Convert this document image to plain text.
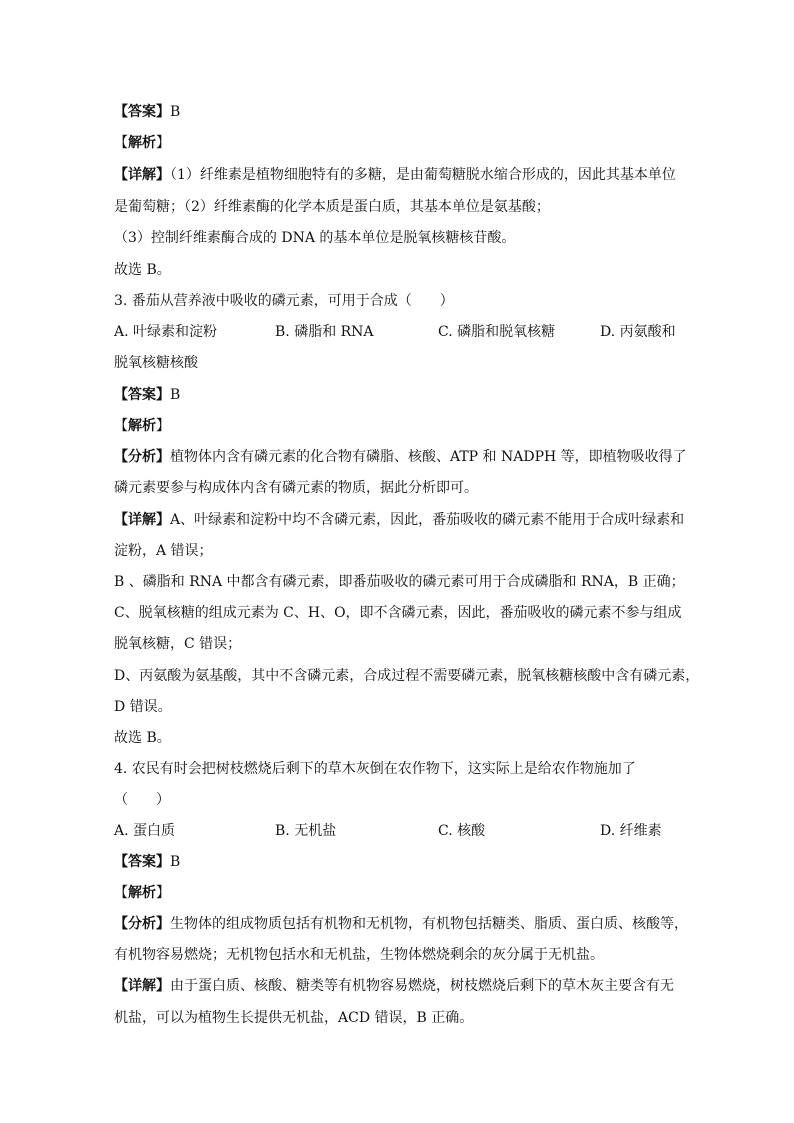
【答案】B
【解析】
【详解】（1）纤维素是植物细胞特有的多糖，是由葡萄糖脱水缩合形成的，因此其基本单位
是葡萄糖；（2）纤维素酶的化学本质是蛋白质，其基本单位是氨基酸；
（3）控制纤维素酶合成的 DNA 的基本单位是脱氧核糖核苷酸。
故选 B。
3. 番茄从营养液中吸收的磷元素，可用于合成（　　）
A. 叶绿素和淀粉	B. 磷脂和 RNA	C. 磷脂和脱氧核糖	D. 丙氨酸和
脱氧核糖核酸
【答案】B
【解析】
【分析】植物体内含有磷元素的化合物有磷脂、核酸、ATP 和 NADPH 等，即植物吸收得了
磷元素要参与构成体内含有磷元素的物质，据此分析即可。
【详解】A、叶绿素和淀粉中均不含磷元素，因此，番茄吸收的磷元素不能用于合成叶绿素和
淀粉，A 错误；
B 、磷脂和 RNA 中都含有磷元素，即番茄吸收的磷元素可用于合成磷脂和 RNA，B 正确；
C、脱氧核糖的组成元素为 C、H、O，即不含磷元素，因此，番茄吸收的磷元素不参与组成
脱氧核糖，C 错误；
D、丙氨酸为氨基酸，其中不含磷元素，合成过程不需要磷元素，脱氧核糖核酸中含有磷元素，
D 错误。
故选 B。
4. 农民有时会把树枝燃烧后剩下的草木灰倒在农作物下，这实际上是给农作物施加了
（　　）
A. 蛋白质	B. 无机盐	C. 核酸	D. 纤维素
【答案】B
【解析】
【分析】生物体的组成物质包括有机物和无机物，有机物包括糖类、脂质、蛋白质、核酸等，
有机物容易燃烧；无机物包括水和无机盐，生物体燃烧剩余的灰分属于无机盐。
【详解】由于蛋白质、核酸、糖类等有机物容易燃烧，树枝燃烧后剩下的草木灰主要含有无
机盐，可以为植物生长提供无机盐，ACD 错误，B 正确。
